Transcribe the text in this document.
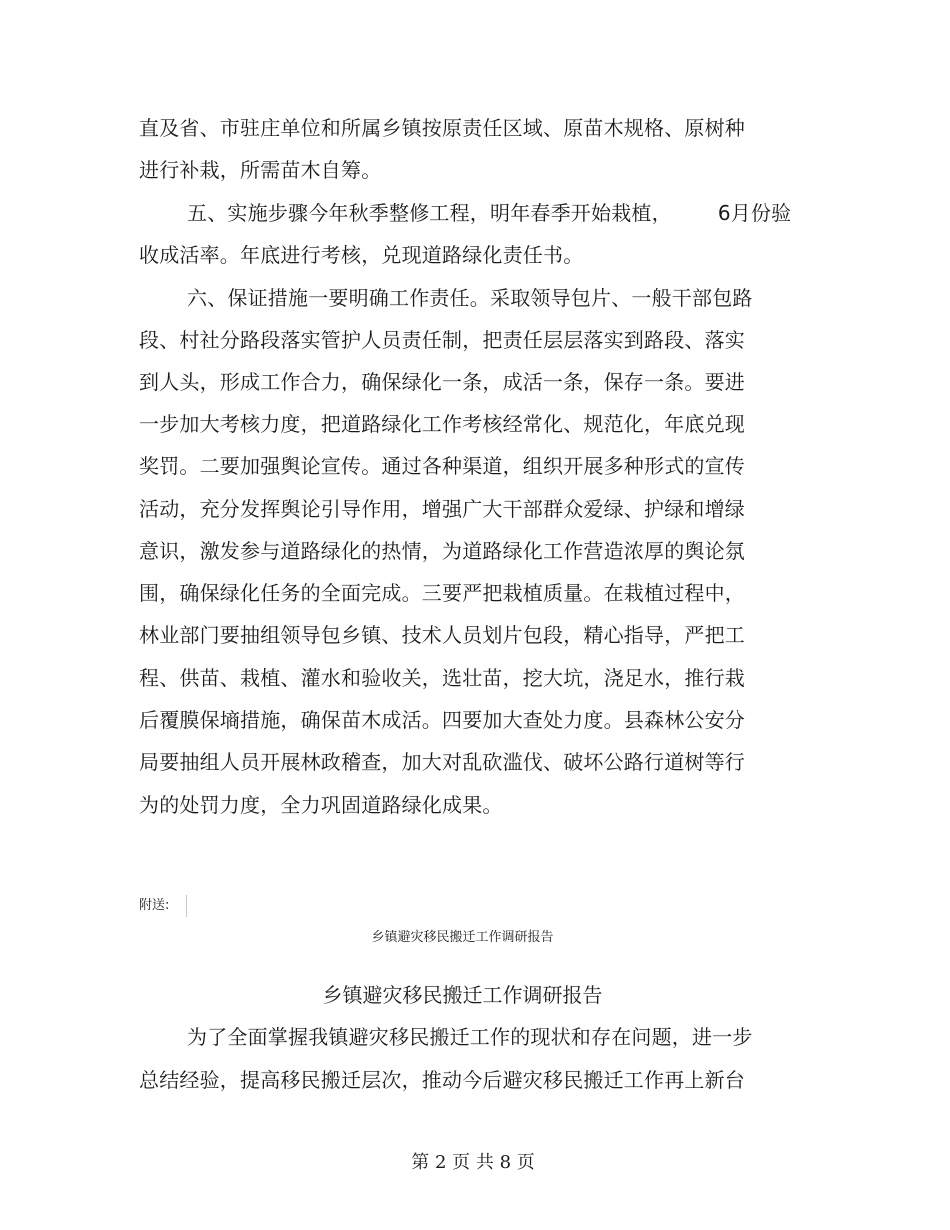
直及省、市驻庄单位和所属乡镇按原责任区域、原苗木规格、原树种
进行补栽，所需苗木自筹。
五、实施步骤今年秋季整修工程，明年春季开始栽植， 6月份验
收成活率。年底进行考核，兑现道路绿化责任书。
六、保证措施一要明确工作责任。采取领导包片、一般干部包路
段、村社分路段落实管护人员责任制，把责任层层落实到路段、落实
到人头，形成工作合力，确保绿化一条，成活一条，保存一条。要进
一步加大考核力度，把道路绿化工作考核经常化、规范化，年底兑现
奖罚。二要加强舆论宣传。通过各种渠道，组织开展多种形式的宣传
活动，充分发挥舆论引导作用，增强广大干部群众爱绿、护绿和增绿
意识，激发参与道路绿化的热情，为道路绿化工作营造浓厚的舆论氛
围，确保绿化任务的全面完成。三要严把栽植质量。在栽植过程中，
林业部门要抽组领导包乡镇、技术人员划片包段，精心指导，严把工
程、供苗、栽植、灌水和验收关，选壮苗，挖大坑，浇足水，推行栽
后覆膜保墒措施，确保苗木成活。四要加大查处力度。县森林公安分
局要抽组人员开展林政稽查，加大对乱砍滥伐、破坏公路行道树等行
为的处罚力度，全力巩固道路绿化成果。
附送:
乡镇避灾移民搬迁工作调研报告
乡镇避灾移民搬迁工作调研报告
为了全面掌握我镇避灾移民搬迁工作的现状和存在问题，进一步
总结经验，提高移民搬迁层次，推动今后避灾移民搬迁工作再上新台
第 2 页 共 8 页
